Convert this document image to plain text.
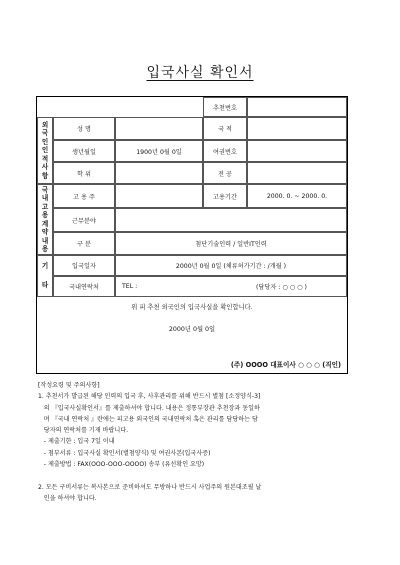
입국사실 확인서
추천번호
외
국
인
인
적
사
항
성 명	국 적
생년월일	1900년 0월 0일	여권번호
학 위	전 공
국
내
고
용
계
약
내
용
고 용 주	고용기간	2000. 0. ~ 2000. 0.
근무분야
구 분	첨단기술인력 / 일반IT인력
기
타
입국일자	2000년 0월 0일 (체류허가기간 : /개월 )
국내연락처	TEL :	(담당자 : ○ ○ ○ )
위 피 추천 외국인의 입국사실을 확인합니다.
2000년 0월 0일
(주) OOOO 대표이사 ○ ○ ○ (직인)
[작성요령 및 주의사항]
1. 추천서가 발급된 해당 인력의 입국 후, 사후관리를 위해 반드시 별첨 [소정양식-3]
의 『입국사실확인서』를 제출하셔야 합니다. 내용은 정통부장관 추천장과 동일하
며 『국내 연락처 』란에는 피고용 외국인의 국내연락처 혹은 관리를 담당하는 담
당자의 연락처를 기재 바랍니다.
- 제출기한 : 입국 7일 이내
- 첨부서류 : 입국사실 확인서(별첨양식) 및 여권사본(입국사증)
- 제출방법 : FAX(OOO-OOO-OOOO) 송부 (유선확인 요망)

2. 모든 구비서류는 복사본으로 준비하셔도 무방하나 반드시 사업주의 원본대조필 날
인을 하셔야 합니다.
